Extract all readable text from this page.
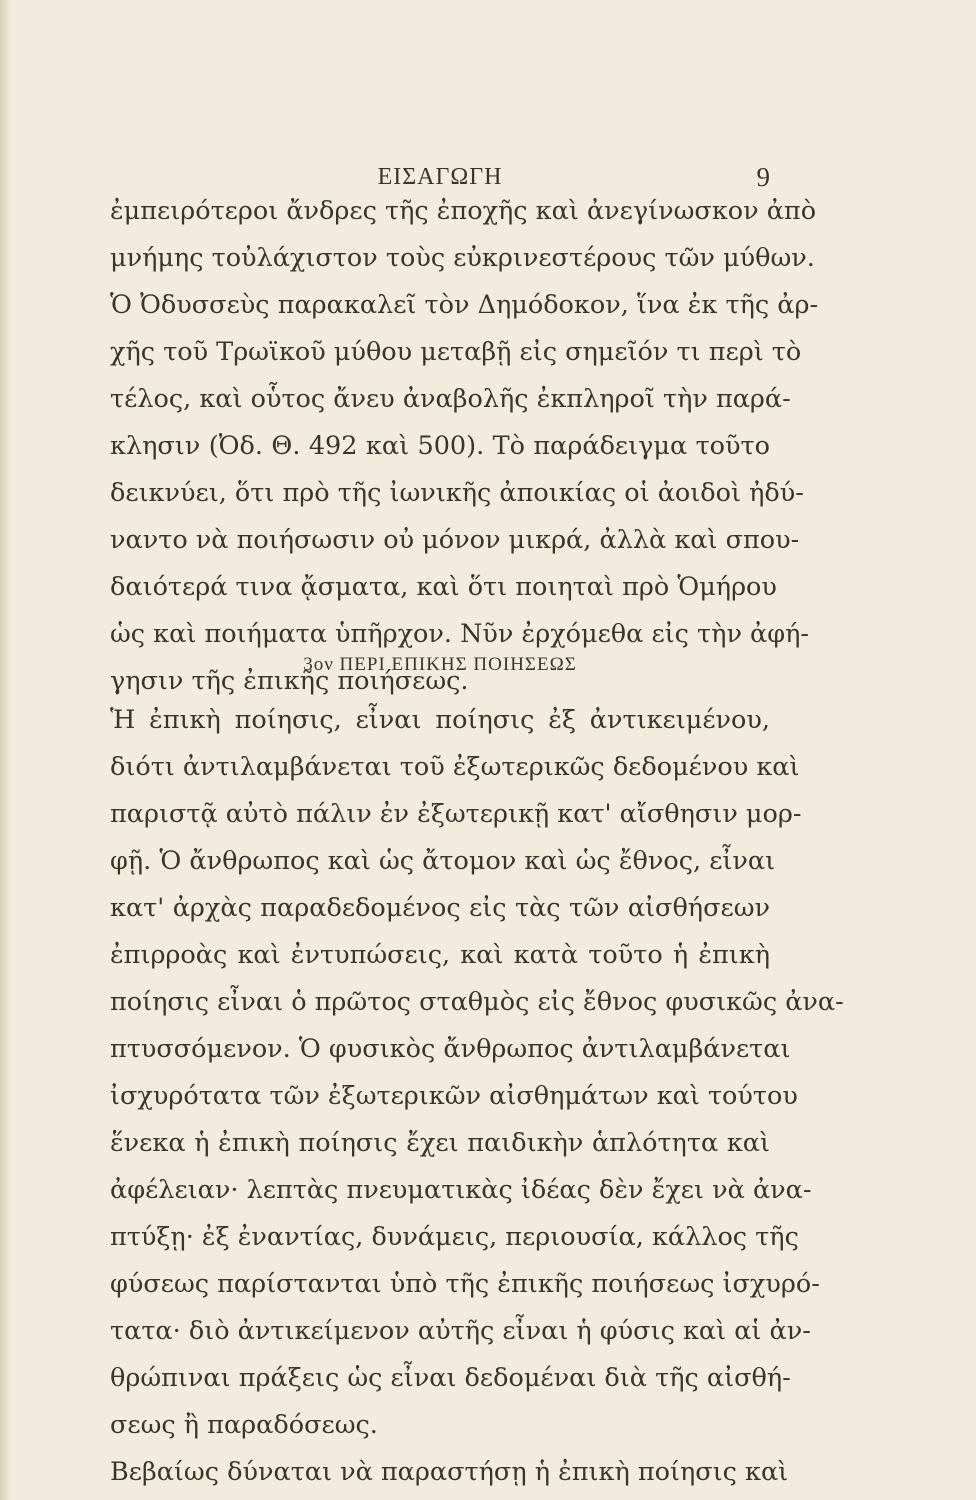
ΕΙΣΑΓΩΓΗ	9
ἐμπειρότεροι ἄνδρες τῆς ἐποχῆς καὶ ἀνεγίνωσκον ἀπὸ
μνήμης τοὐλάχιστον τοὺς εὐκρινεστέρους τῶν μύθων.
Ὁ Ὀδυσσεὺς παρακαλεῖ τὸν Δημόδοκον, ἵνα ἐκ τῆς ἀρ-
χῆς τοῦ Τρωϊκοῦ μύθου μεταβῇ εἰς σημεῖόν τι περὶ τὸ
τέλος, καὶ οὗτος ἄνευ ἀναβολῆς ἐκπληροῖ τὴν παρά-
κλησιν (Ὀδ. Θ. 492 καὶ 500). Τὸ παράδειγμα τοῦτο
δεικνύει, ὅτι πρὸ τῆς ἰωνικῆς ἀποικίας οἱ ἀοιδοὶ ἠδύ-
ναντο νὰ ποιήσωσιν οὐ μόνον μικρά, ἀλλὰ καὶ σπου-
δαιότερά τινα ᾄσματα, καὶ ὅτι ποιηταὶ πρὸ Ὁμήρου
ὡς καὶ ποιήματα ὑπῆρχον. Νῦν ἐρχόμεθα εἰς τὴν ἀφή-
γησιν τῆς ἐπικῆς ποιήσεως.
3ον ΠΕΡΙ ΕΠΙΚΗΣ ΠΟΙΗΣΕΩΣ
Ἡ ἐπικὴ ποίησις, εἶναι ποίησις ἐξ ἀντικειμένου,
διότι ἀντιλαμβάνεται τοῦ ἐξωτερικῶς δεδομένου καὶ
παριστᾷ αὐτὸ πάλιν ἐν ἐξωτερικῇ κατ' αἴσθησιν μορ-
φῇ. Ὁ ἄνθρωπος καὶ ὡς ἄτομον καὶ ὡς ἔθνος, εἶναι
κατ' ἀρχὰς παραδεδομένος εἰς τὰς τῶν αἰσθήσεων
ἐπιρροὰς καὶ ἐντυπώσεις, καὶ κατὰ τοῦτο ἡ ἐπικὴ
ποίησις εἶναι ὁ πρῶτος σταθμὸς εἰς ἔθνος φυσικῶς ἀνα-
πτυσσόμενον. Ὁ φυσικὸς ἄνθρωπος ἀντιλαμβάνεται
ἰσχυρότατα τῶν ἐξωτερικῶν αἰσθημάτων καὶ τούτου
ἕνεκα ἡ ἐπικὴ ποίησις ἔχει παιδικὴν ἁπλότητα καὶ
ἀφέλειαν· λεπτὰς πνευματικὰς ἰδέας δὲν ἔχει νὰ ἀνα-
πτύξῃ· ἐξ ἐναντίας, δυνάμεις, περιουσία, κάλλος τῆς
φύσεως παρίστανται ὑπὸ τῆς ἐπικῆς ποιήσεως ἰσχυρό-
τατα· διὸ ἀντικείμενον αὐτῆς εἶναι ἡ φύσις καὶ αἱ ἀν-
θρώπιναι πράξεις ὡς εἶναι δεδομέναι διὰ τῆς αἰσθή-
σεως ἢ παραδόσεως.
Βεβαίως δύναται νὰ παραστήσῃ ἡ ἐπικὴ ποίησις καὶ
